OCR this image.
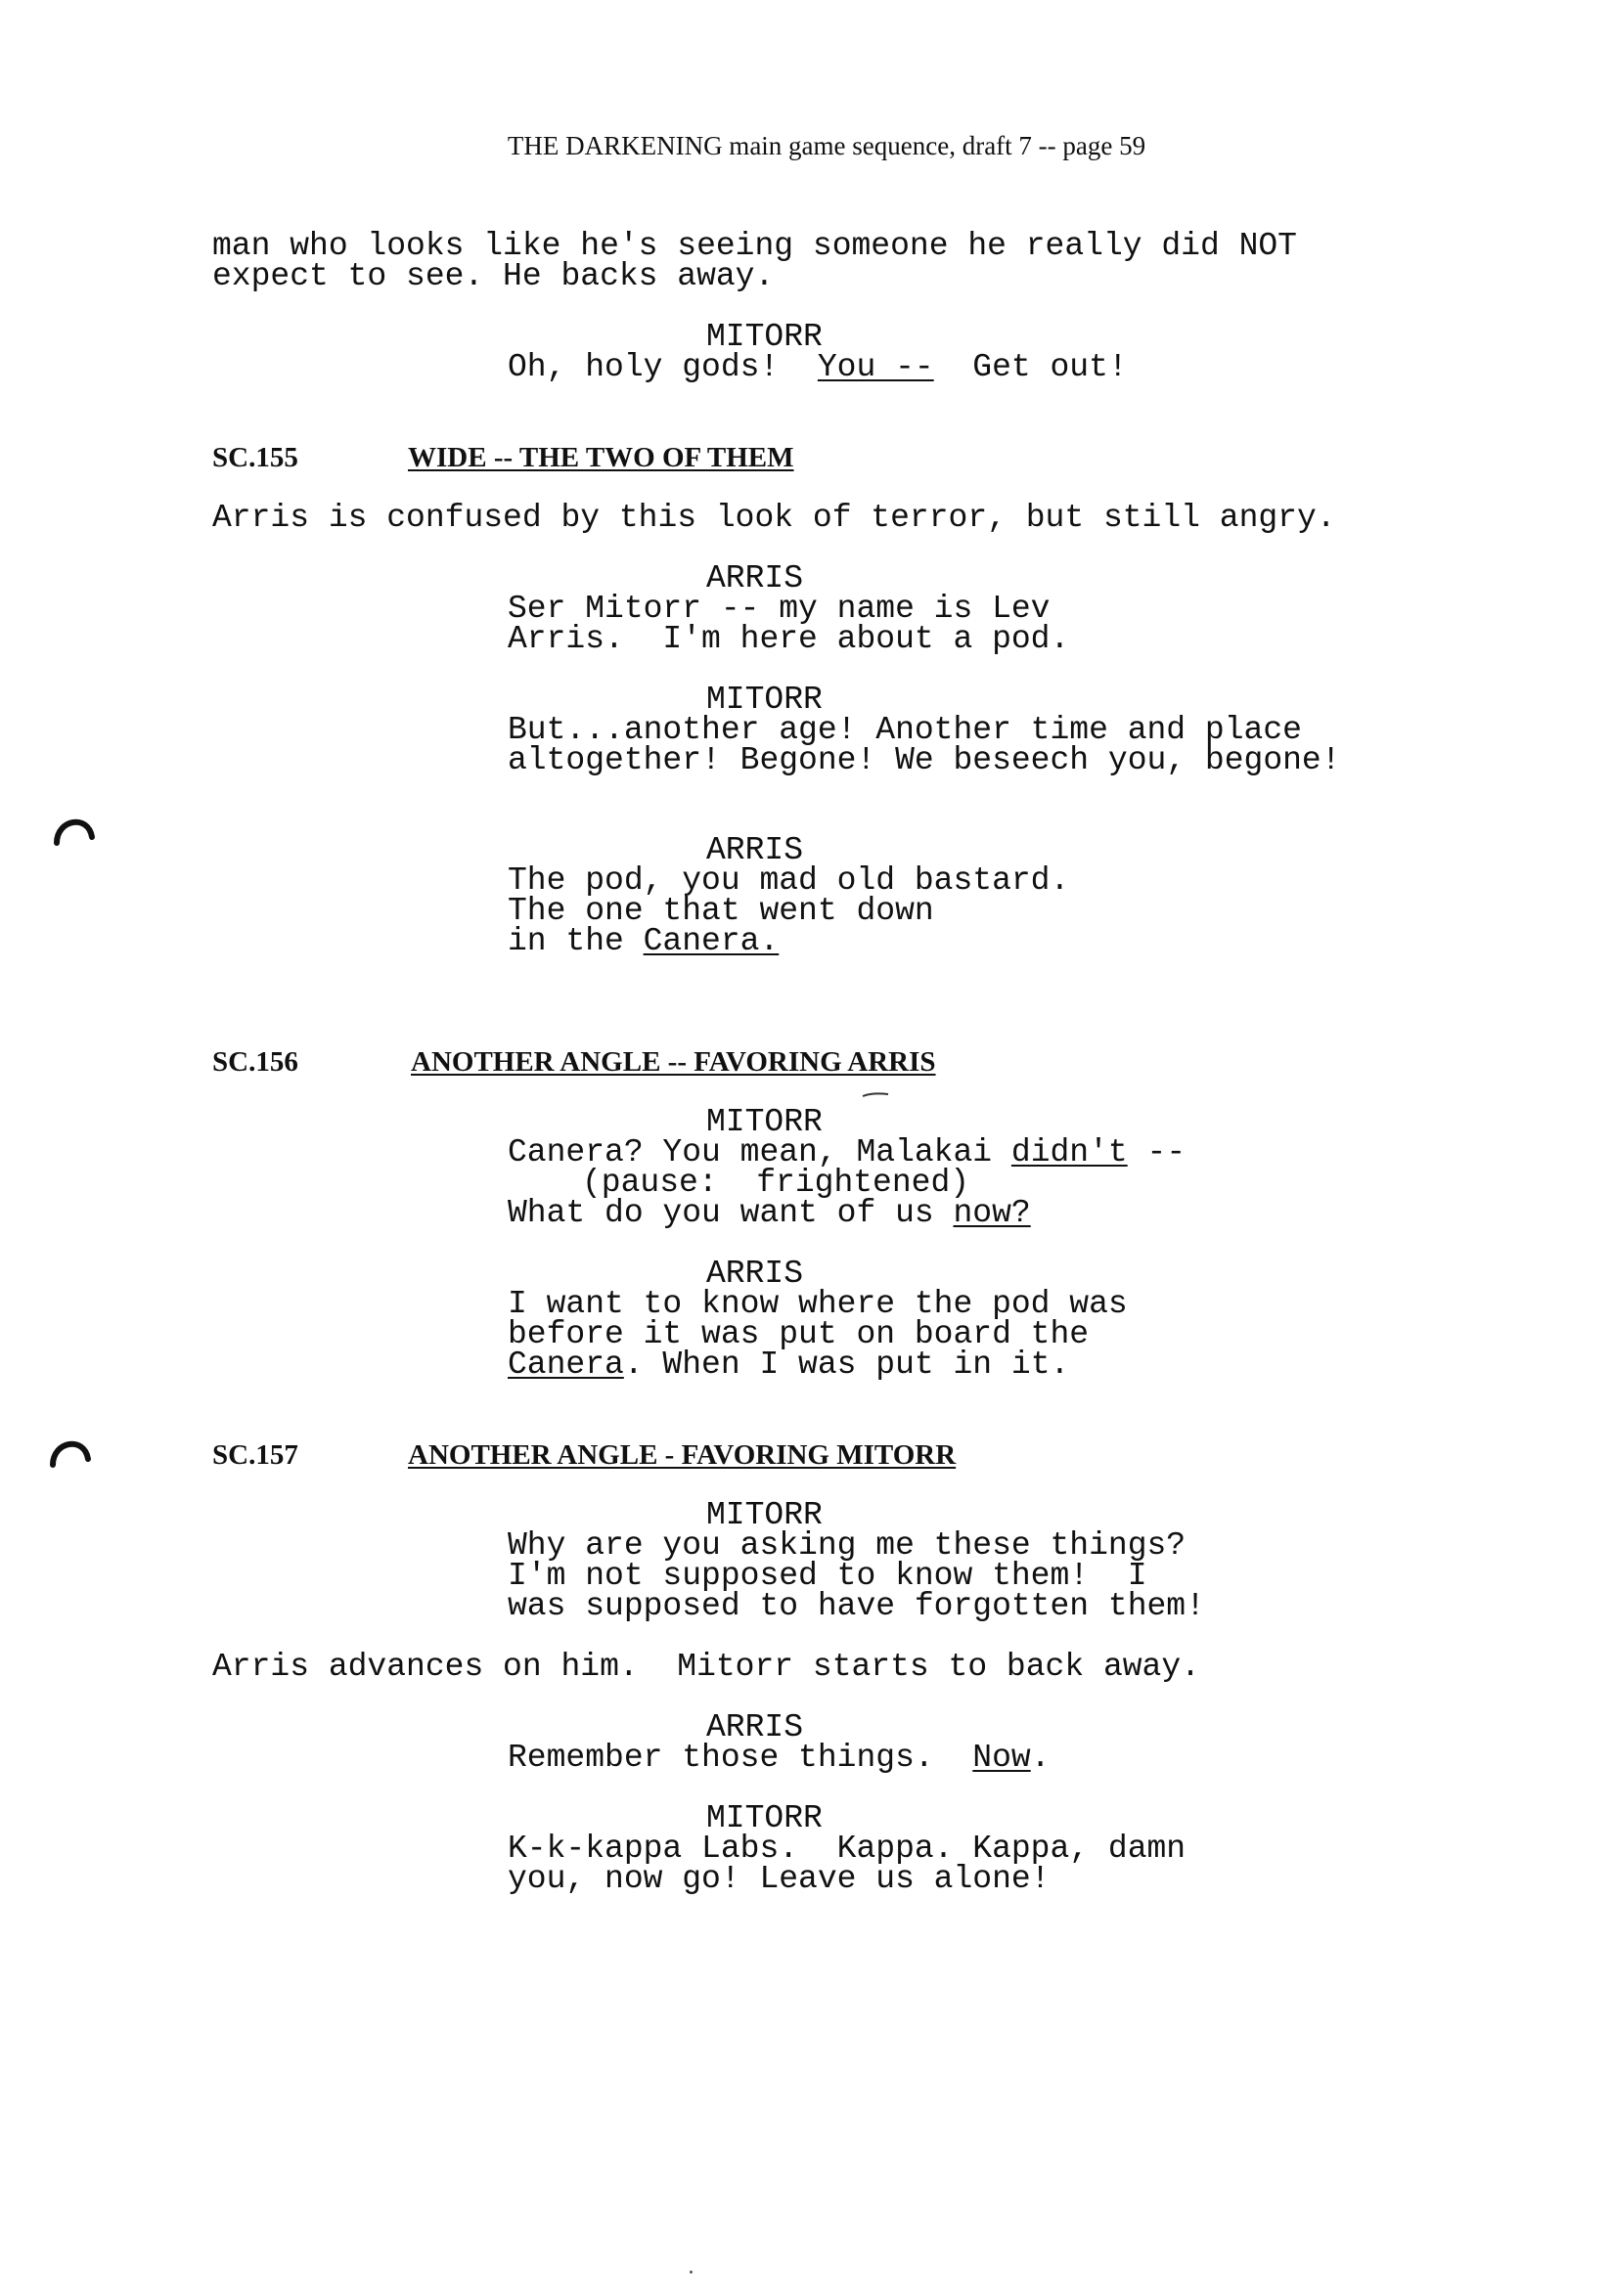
THE DARKENING main game sequence, draft 7 -- page 59
man who looks like he's seeing someone he really did NOT
expect to see. He backs away.
MITORR
Oh, holy gods!  You --  Get out!
SC.155	WIDE -- THE TWO OF THEM
Arris is confused by this look of terror, but still angry.
ARRIS
Ser Mitorr -- my name is Lev
Arris.  I'm here about a pod.
MITORR
But...another age! Another time and place
altogether! Begone! We beseech you, begone!
ARRIS
The pod, you mad old bastard.
The one that went down
in the Canera.
SC.156	ANOTHER ANGLE -- FAVORING ARRIS
MITORR
Canera? You mean, Malakai didn't --
(pause:  frightened)
What do you want of us now?
ARRIS
I want to know where the pod was
before it was put on board the
Canera. When I was put in it.
SC.157	ANOTHER ANGLE - FAVORING MITORR
MITORR
Why are you asking me these things?
I'm not supposed to know them!  I
was supposed to have forgotten them!
Arris advances on him.  Mitorr starts to back away.
ARRIS
Remember those things.  Now.
MITORR
K-k-kappa Labs.  Kappa. Kappa, damn
you, now go! Leave us alone!
